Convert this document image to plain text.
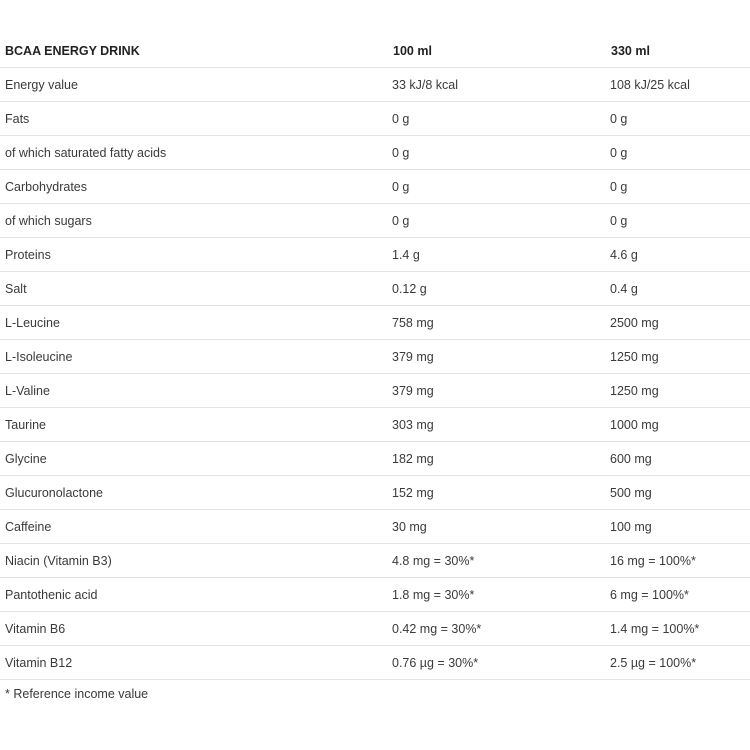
BCAA ENERGY DRINK	100 ml	330 ml
Energy value	33 kJ/8 kcal	108 kJ/25 kcal
Fats	0 g	0 g
of which saturated fatty acids	0 g	0 g
Carbohydrates	0 g	0 g
of which sugars	0 g	0 g
Proteins	1.4 g	4.6 g
Salt	0.12 g	0.4 g
L-Leucine	758 mg	2500 mg
L-Isoleucine	379 mg	1250 mg
L-Valine	379 mg	1250 mg
Taurine	303 mg	1000 mg
Glycine	182 mg	600 mg
Glucuronolactone	152 mg	500 mg
Caffeine	30 mg	100 mg
Niacin (Vitamin B3)	4.8 mg = 30%*	16 mg = 100%*
Pantothenic acid	1.8 mg = 30%*	6 mg = 100%*
Vitamin B6	0.42 mg = 30%*	1.4 mg = 100%*
Vitamin B12	0.76 µg = 30%*	2.5 µg = 100%*
* Reference income value
